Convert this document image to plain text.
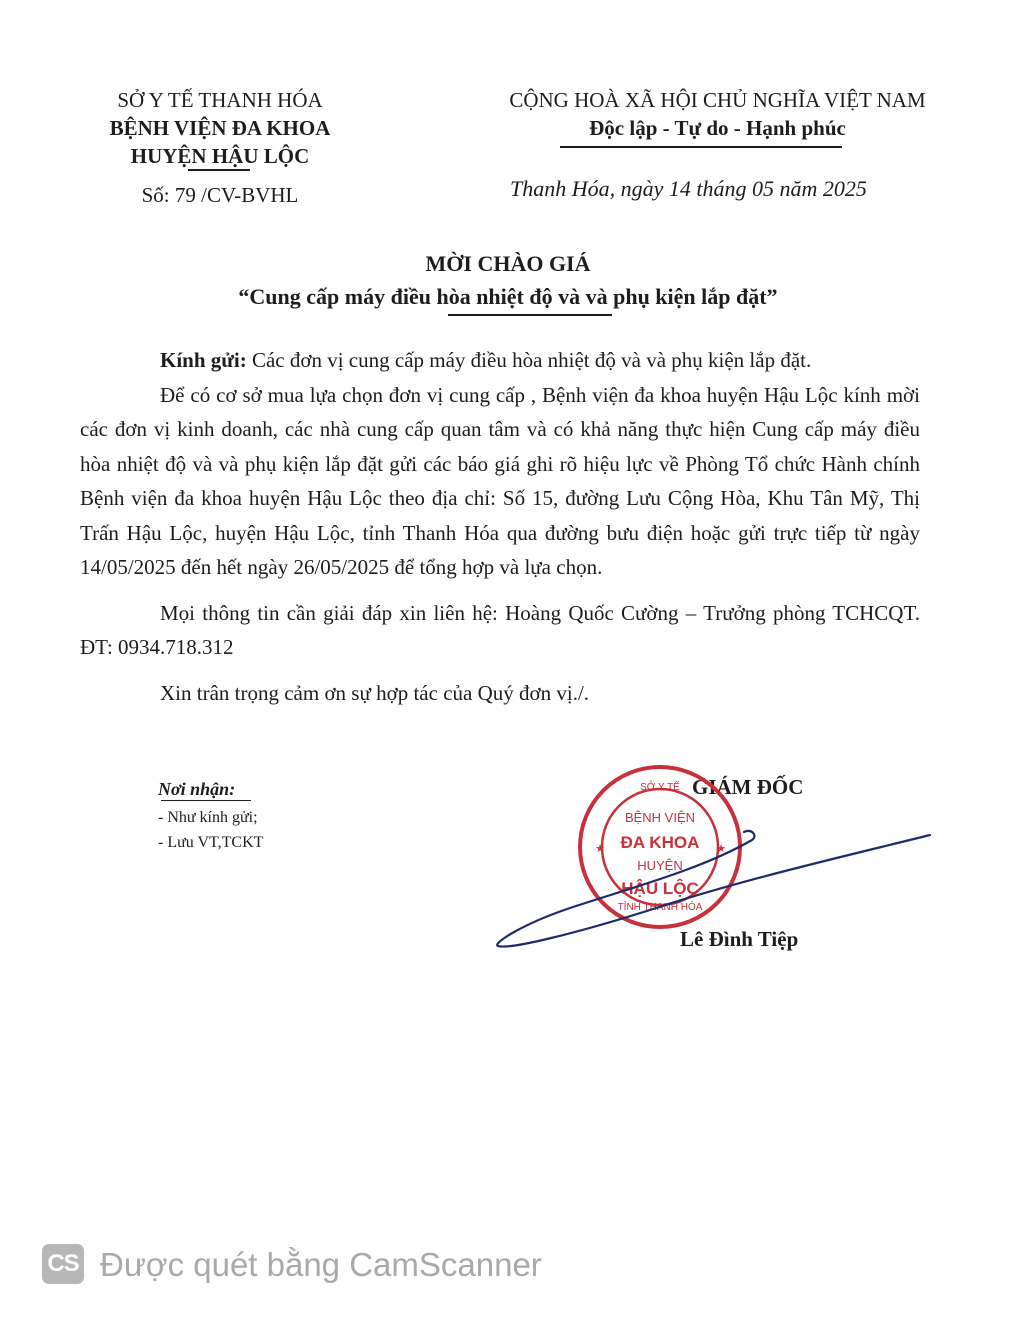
SỞ Y TẾ THANH HÓA
BỆNH VIỆN ĐA KHOA
HUYỆN HẬU LỘC
Số: 79 /CV-BVHL
CỘNG HOÀ XÃ HỘI CHỦ NGHĨA VIỆT NAM
Độc lập - Tự do - Hạnh phúc
Thanh Hóa, ngày 14 tháng 05 năm 2025
MỜI CHÀO GIÁ
“Cung cấp máy điều hòa nhiệt độ và và phụ kiện lắp đặt”

Kính gửi: Các đơn vị cung cấp máy điều hòa nhiệt độ và và phụ kiện lắp đặt.

Để có cơ sở mua lựa chọn đơn vị cung cấp , Bệnh viện đa khoa huyện Hậu Lộc kính mời các đơn vị kinh doanh, các nhà cung cấp quan tâm và có khả năng thực hiện Cung cấp máy điều hòa nhiệt độ và và phụ kiện lắp đặt gửi các báo giá ghi rõ hiệu lực về Phòng Tổ chức Hành chính Bệnh viện đa khoa huyện Hậu Lộc theo địa chỉ: Số 15, đường Lưu Cộng Hòa, Khu Tân Mỹ, Thị Trấn Hậu Lộc, huyện Hậu Lộc, tỉnh Thanh Hóa qua đường bưu điện hoặc gửi trực tiếp từ ngày 14/05/2025 đến hết ngày 26/05/2025 để tổng hợp và lựa chọn.

Mọi thông tin cần giải đáp xin liên hệ: Hoàng Quốc Cường – Trưởng phòng TCHCQT. ĐT: 0934.718.312

Xin trân trọng cảm ơn sự hợp tác của Quý đơn vị./.

Nơi nhận:
- Như kính gửi;
- Lưu VT,TCKT
GIÁM ĐỐC
SỞ Y TẾ
TỈNH THANH HÓA
BỆNH VIỆN
ĐA KHOA
HUYỆN
HẬU LỘC
★	★
Lê Đình Tiệp
CS Được quét bằng CamScanner
